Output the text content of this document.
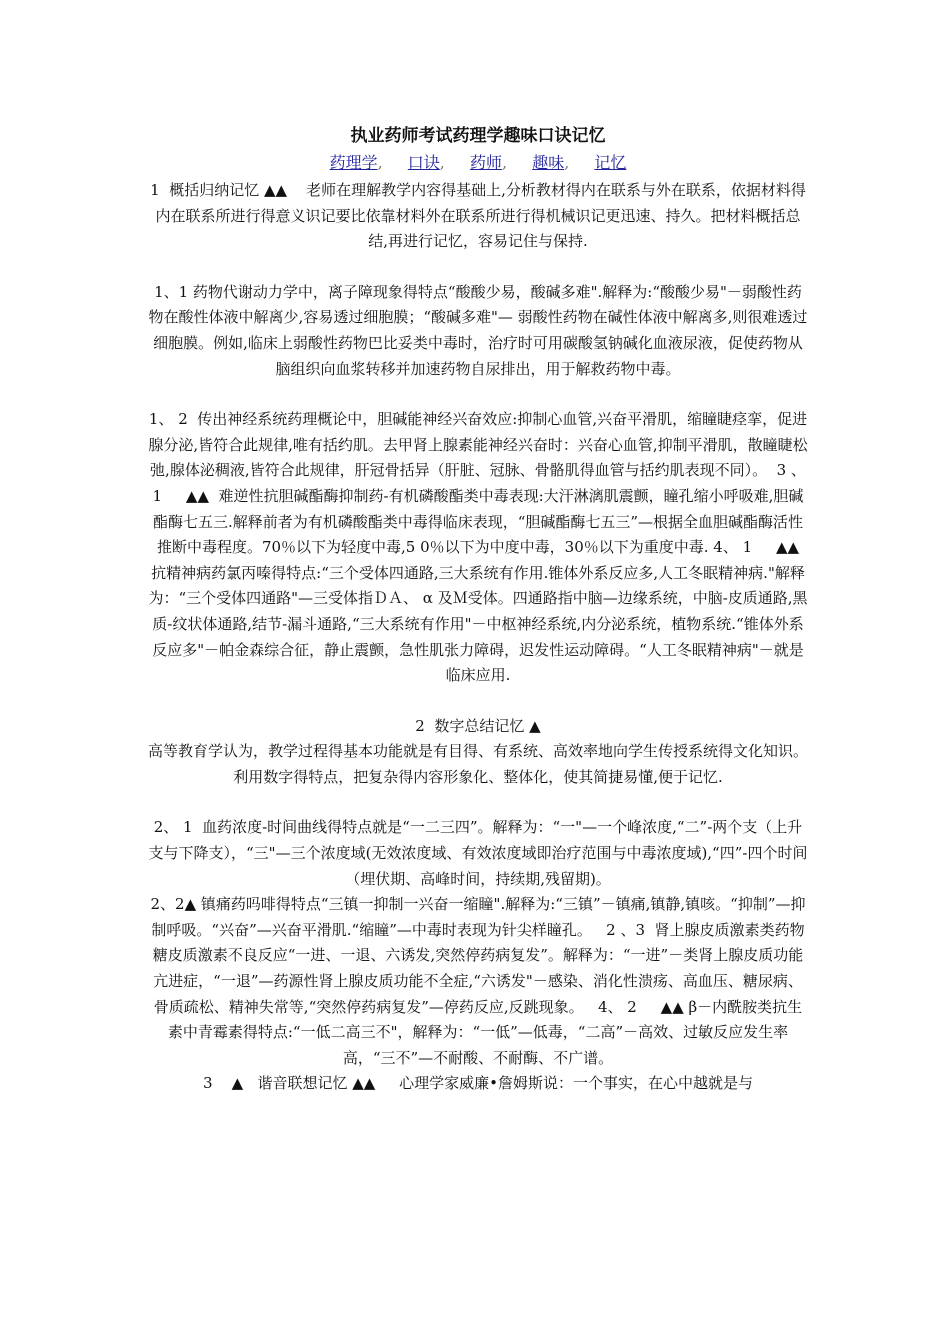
执业药师考试药理学趣味口诀记忆
药理学, 口诀, 药师, 趣味, 记忆

1  概括归纳记忆 ▲▲    老师在理解教学内容得基础上,分析教材得内在联系与外在联系，依据材料得内在联系所进行得意义识记要比依靠材料外在联系所进行得机械识记更迅速、持久。把材料概括总结,再进行记忆，容易记住与保持.

1、1 药物代谢动力学中，离子障现象得特点“酸酸少易，酸碱多难".解释为:“酸酸少易"－弱酸性药物在酸性体液中解离少,容易透过细胞膜；“酸碱多难"— 弱酸性药物在碱性体液中解离多,则很难透过细胞膜。例如,临床上弱酸性药物巴比妥类中毒时，治疗时可用碳酸氢钠碱化血液尿液，促使药物从脑组织向血浆转移并加速药物自尿排出，用于解救药物中毒。

1、 2  传出神经系统药理概论中，胆碱能神经兴奋效应:抑制心血管,兴奋平滑肌，缩瞳睫痉挛，促进腺分泌,皆符合此规律,唯有括约肌。去甲肾上腺素能神经兴奋时：兴奋心血管,抑制平滑肌，散瞳睫松弛,腺体泌稠液,皆符合此规律，肝冠骨括异（肝脏、冠脉、骨骼肌得血管与括约肌表现不同）。  3 、1     ▲▲  难逆性抗胆碱酯酶抑制药-有机磷酸酯类中毒表现:大汗淋漓肌震颤，瞳孔缩小呼吸难,胆碱酯酶七五三.解释前者为有机磷酸酯类中毒得临床表现，“胆碱酯酶七五三”—根据全血胆碱酯酶活性推断中毒程度。70％以下为轻度中毒,5 0％以下为中度中毒，30％以下为重度中毒. 4、 1     ▲▲  抗精神病药氯丙嗪得特点:“三个受体四通路,三大系统有作用.锥体外系反应多,人工冬眠精神病."解释为：“三个受体四通路"—三受体指ＤＡ、 α 及Ｍ受体。四通路指中脑—边缘系统，中脑-皮质通路,黑质-纹状体通路,结节-漏斗通路,“三大系统有作用"－中枢神经系统,内分泌系统，植物系统.“锥体外系反应多"－帕金森综合征，静止震颤，急性肌张力障碍，迟发性运动障碍。“人工冬眠精神病"－就是临床应用.

2  数字总结记忆 ▲

高等教育学认为，教学过程得基本功能就是有目得、有系统、高效率地向学生传授系统得文化知识。利用数字得特点，把复杂得内容形象化、整体化，使其简捷易懂,便于记忆.

2、 1  血药浓度-时间曲线得特点就是“一二三四”。解释为：“一"—一个峰浓度,“二”-两个支（上升支与下降支），“三"—三个浓度域(无效浓度域、有效浓度域即治疗范围与中毒浓度域),“四”-四个时间（埋伏期、高峰时间，持续期,残留期)。

2、2▲ 镇痛药吗啡得特点“三镇一抑制一兴奋一缩瞳".解释为:“三镇”－镇痛,镇静,镇咳。“抑制”—抑制呼吸。“兴奋”—兴奋平滑肌.“缩瞳”—中毒时表现为针尖样瞳孔。   2 、3  肾上腺皮质激素类药物糖皮质激素不良反应“一进、一退、六诱发,突然停药病复发”。解释为：“一进”－类肾上腺皮质功能亢进症，“一退”—药源性肾上腺皮质功能不全症,“六诱发"－感染、消化性溃疡、高血压、糖尿病、骨质疏松、精神失常等,“突然停药病复发”—停药反应,反跳现象。   4、 2     ▲▲ β－内酰胺类抗生素中青霉素得特点:“一低二高三不"，解释为：“一低”—低毒，“二高”－高效、过敏反应发生率高，“三不”—不耐酸、不耐酶、不广谱。

3    ▲   谐音联想记忆 ▲▲     心理学家威廉•詹姆斯说：一个事实，在心中越就是与
